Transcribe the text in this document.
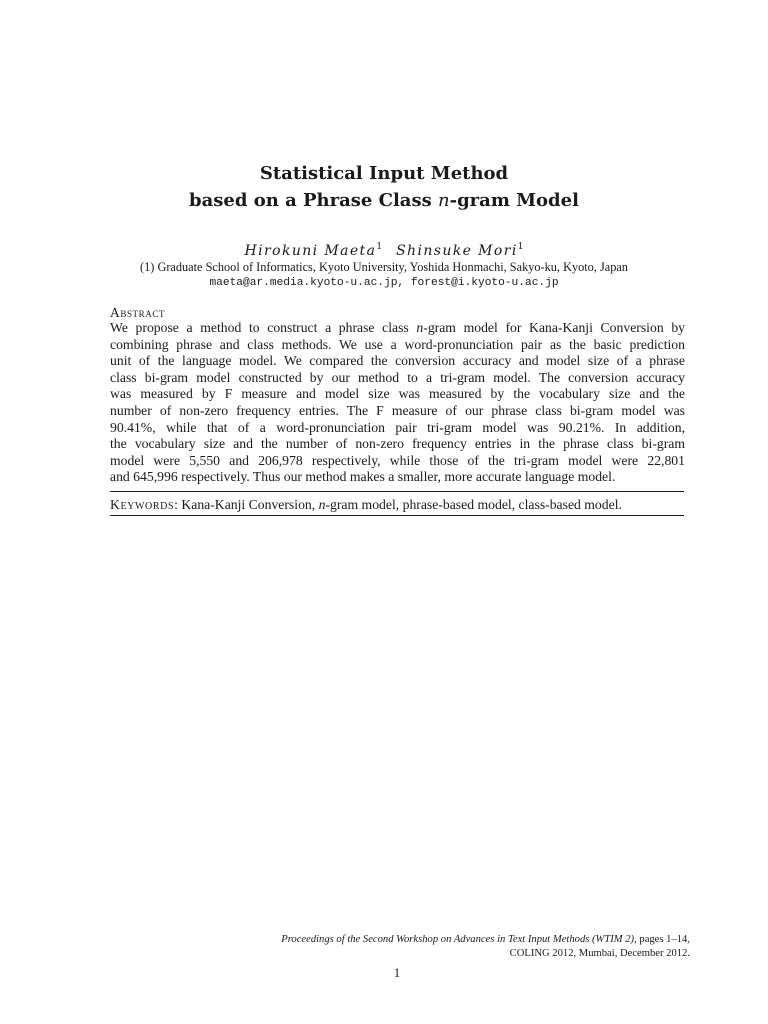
Statistical Input Method
based on a Phrase Class n-gram Model
Hirokuni Maeta$^1$ Shinsuke Mori$^1$
(1) Graduate School of Informatics, Kyoto University, Yoshida Honmachi, Sakyo-ku, Kyoto, Japan
maeta@ar.media.kyoto-u.ac.jp, forest@i.kyoto-u.ac.jp
Abstract
We propose a method to construct a phrase class n-gram model for Kana-Kanji Conversion by
combining phrase and class methods. We use a word-pronunciation pair as the basic prediction
unit of the language model. We compared the conversion accuracy and model size of a phrase
class bi-gram model constructed by our method to a tri-gram model. The conversion accuracy
was measured by F measure and model size was measured by the vocabulary size and the
number of non-zero frequency entries. The F measure of our phrase class bi-gram model was
90.41%, while that of a word-pronunciation pair tri-gram model was 90.21%. In addition,
the vocabulary size and the number of non-zero frequency entries in the phrase class bi-gram
model were 5,550 and 206,978 respectively, while those of the tri-gram model were 22,801
and 645,996 respectively. Thus our method makes a smaller, more accurate language model.
Keywords: Kana-Kanji Conversion, n-gram model, phrase-based model, class-based model.
Proceedings of the Second Workshop on Advances in Text Input Methods (WTIM 2), pages 1–14,
COLING 2012, Mumbai, December 2012.
1
